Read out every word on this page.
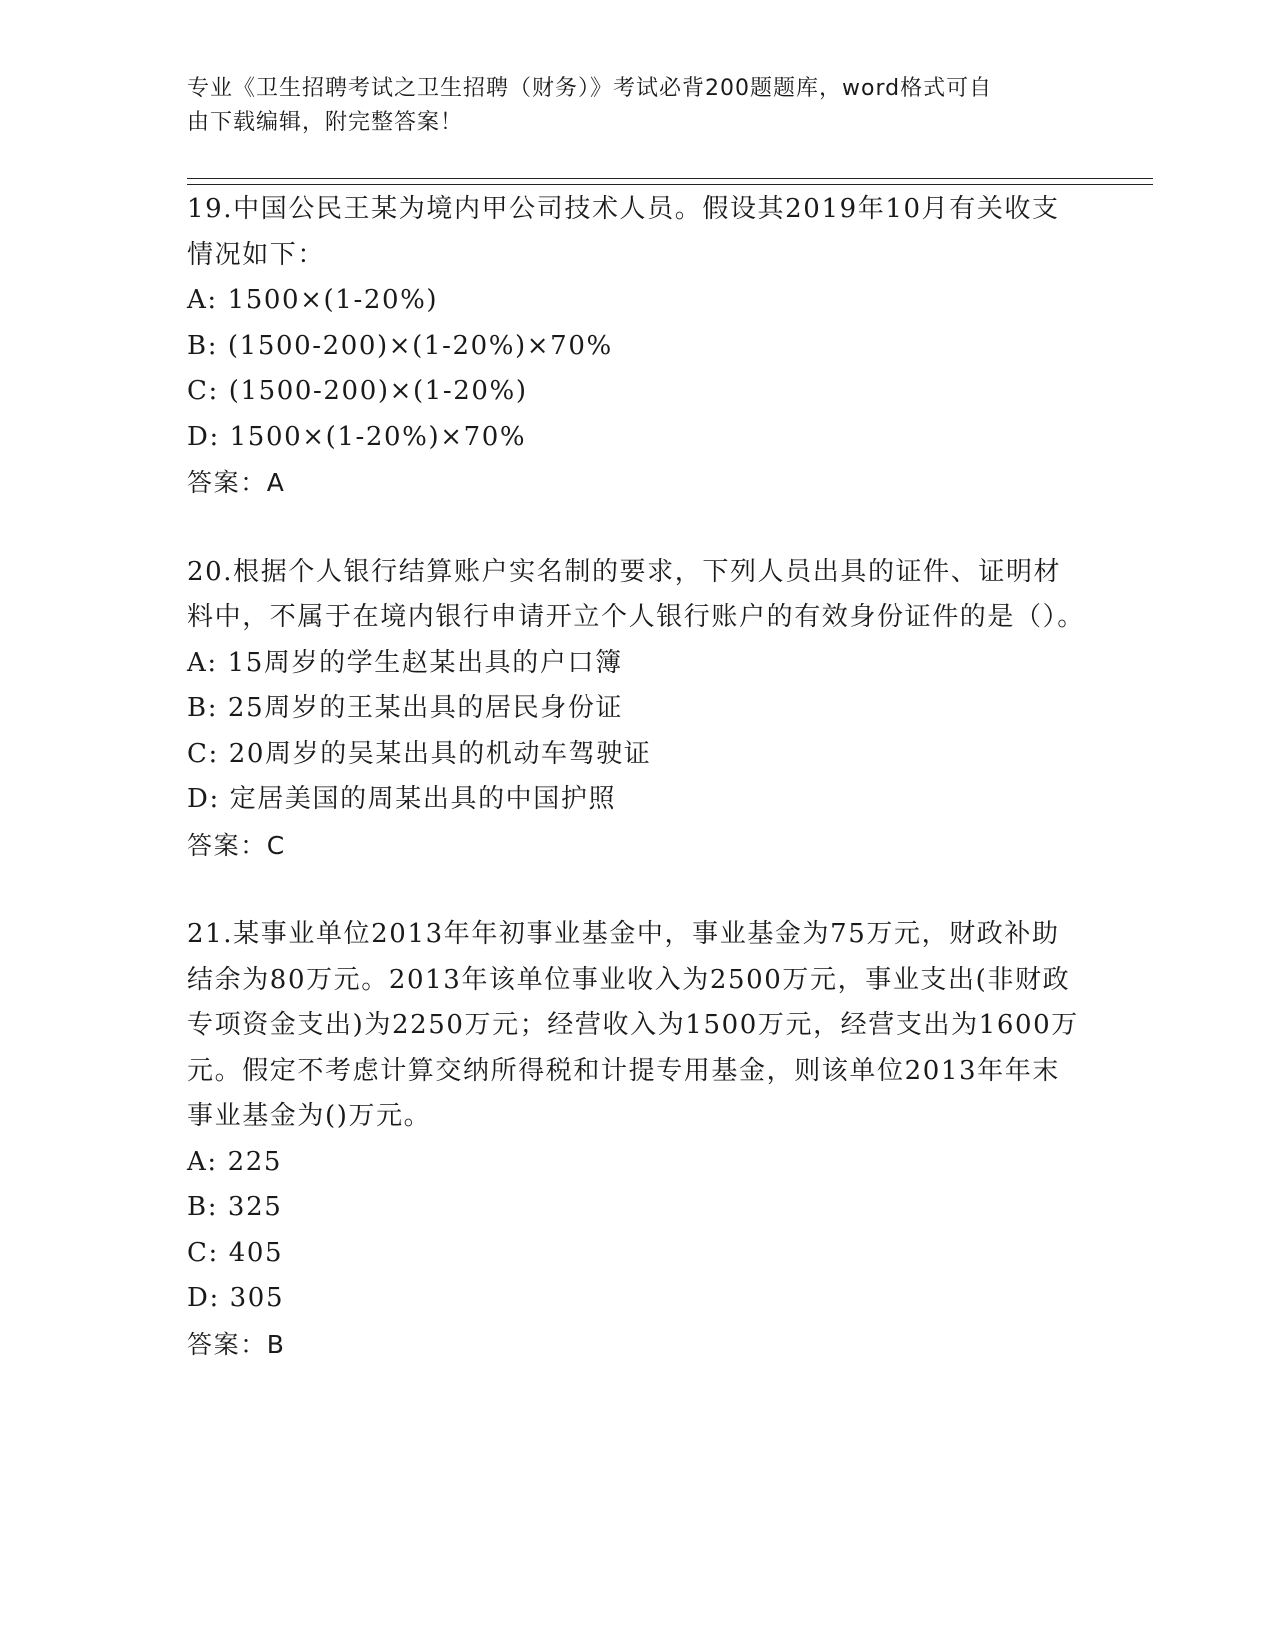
专业《卫生招聘考试之卫生招聘（财务）》考试必背200题题库，word格式可自
由下载编辑，附完整答案！
19.中国公民王某为境内甲公司技术人员。假设其2019年10月有关收支情况如下：
A: 1500×(1-20%)
B: (1500-200)×(1-20%)×70%
C: (1500-200)×(1-20%)
D: 1500×(1-20%)×70%
答案：A
20.根据个人银行结算账户实名制的要求，下列人员出具的证件、证明材料中，不属于在境内银行申请开立个人银行账户的有效身份证件的是（）。
A: 15周岁的学生赵某出具的户口簿
B: 25周岁的王某出具的居民身份证
C: 20周岁的吴某出具的机动车驾驶证
D: 定居美国的周某出具的中国护照
答案：C
21.某事业单位2013年年初事业基金中，事业基金为75万元，财政补助结余为80万元。2013年该单位事业收入为2500万元，事业支出(非财政专项资金支出)为2250万元；经营收入为1500万元，经营支出为1600万元。假定不考虑计算交纳所得税和计提专用基金，则该单位2013年年末事业基金为()万元。
A: 225
B: 325
C: 405
D: 305
答案：B
